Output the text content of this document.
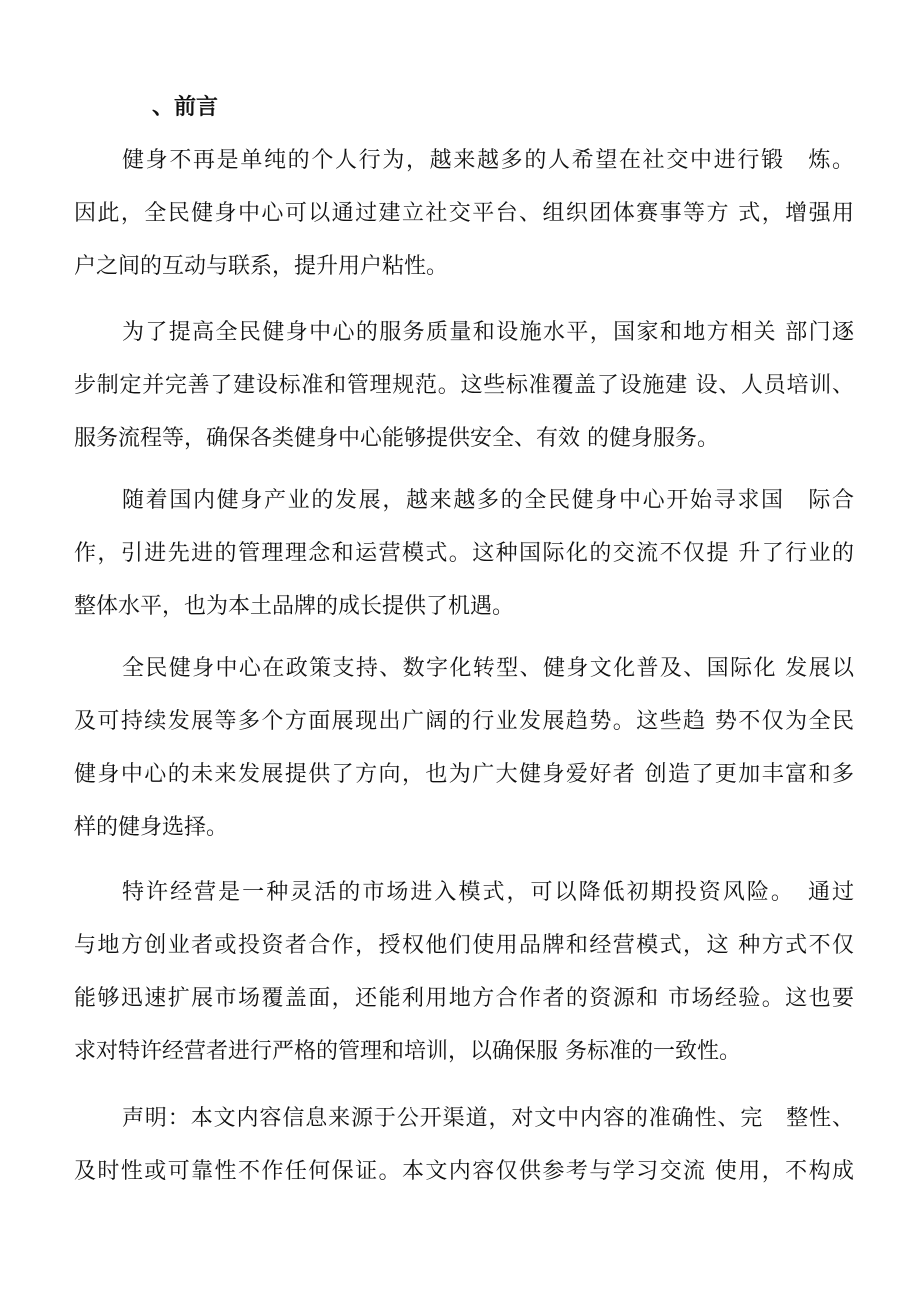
、前言
健身不再是单纯的个人行为，越来越多的人希望在社交中进行锻　炼。
因此，全民健身中心可以通过建立社交平台、组织团体赛事等方 式，增强用
户之间的互动与联系，提升用户粘性。
为了提高全民健身中心的服务质量和设施水平，国家和地方相关 部门逐
步制定并完善了建设标准和管理规范。这些标准覆盖了设施建 设、人员培训、
服务流程等，确保各类健身中心能够提供安全、有效 的健身服务。
随着国内健身产业的发展，越来越多的全民健身中心开始寻求国　际合
作，引进先进的管理理念和运营模式。这种国际化的交流不仅提 升了行业的
整体水平，也为本土品牌的成长提供了机遇。
全民健身中心在政策支持、数字化转型、健身文化普及、国际化 发展以
及可持续发展等多个方面展现出广阔的行业发展趋势。这些趋 势不仅为全民
健身中心的未来发展提供了方向，也为广大健身爱好者 创造了更加丰富和多
样的健身选择。
特许经营是一种灵活的市场进入模式，可以降低初期投资风险。　通过
与地方创业者或投资者合作，授权他们使用品牌和经营模式，这 种方式不仅
能够迅速扩展市场覆盖面，还能利用地方合作者的资源和 市场经验。这也要
求对特许经营者进行严格的管理和培训，以确保服 务标准的一致性。
声明：本文内容信息来源于公开渠道，对文中内容的准确性、完　整性、
及时性或可靠性不作任何保证。本文内容仅供参考与学习交流 使用，不构成
